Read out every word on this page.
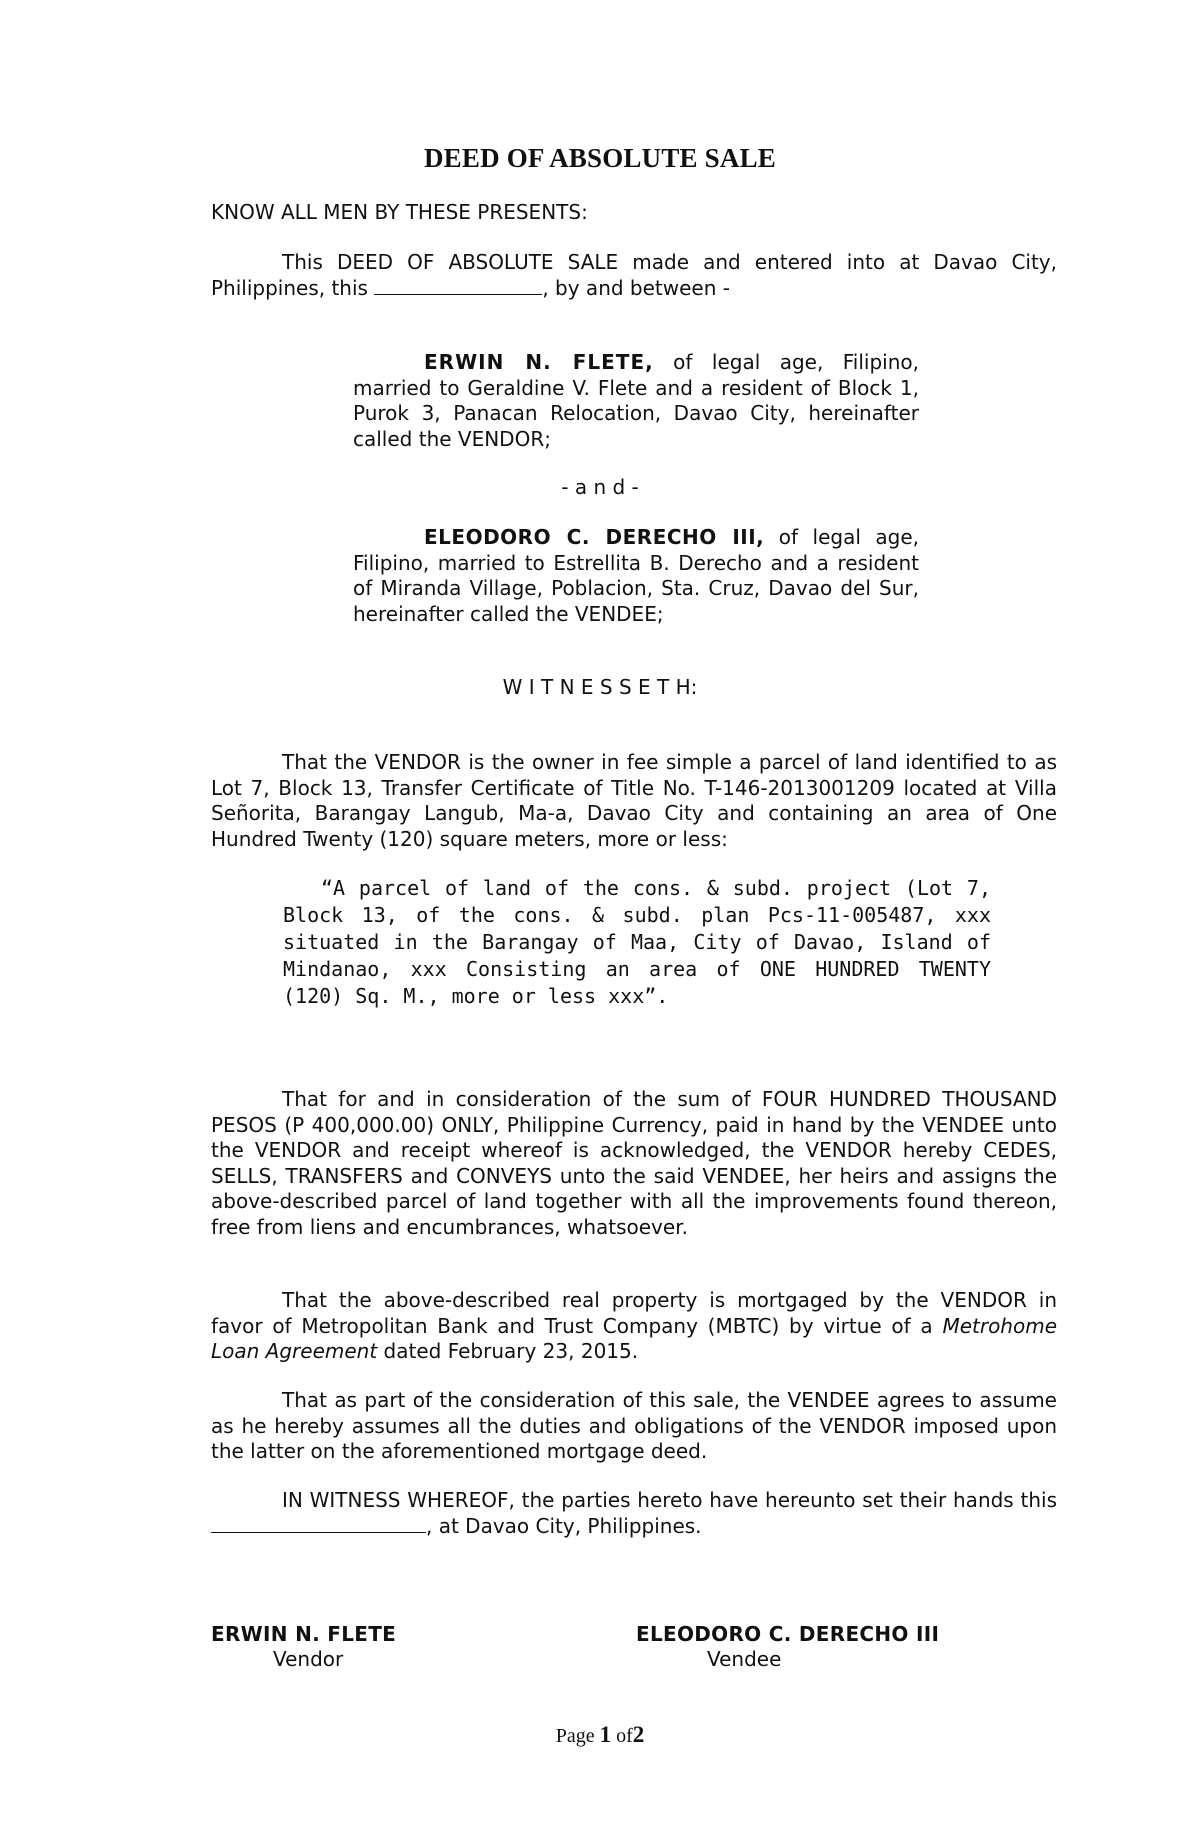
DEED OF ABSOLUTE SALE
KNOW ALL MEN BY THESE PRESENTS:
This DEED OF ABSOLUTE SALE made and entered into at Davao City, Philippines, this	, by and between -
ERWIN N. FLETE, of legal age, Filipino, married to Geraldine V. Flete and a resident of Block 1, Purok 3, Panacan Relocation, Davao City, hereinafter called the VENDOR;
- a n d -
ELEODORO C. DERECHO III, of legal age, Filipino, married to Estrellita B. Derecho and a resident of Miranda Village, Poblacion, Sta. Cruz, Davao del Sur, hereinafter called the VENDEE;
W I T N E S S E T H:
That the VENDOR is the owner in fee simple a parcel of land identified to as Lot 7, Block 13, Transfer Certificate of Title No. T-146-2013001209 located at Villa Señorita, Barangay Langub, Ma-a, Davao City and containing an area of One Hundred Twenty (120) square meters, more or less:
“A parcel of land of the cons. & subd. project (Lot 7, Block 13, of the cons. & subd. plan Pcs-11-005487, xxx situated in the Barangay of Maa, City of Davao, Island of Mindanao, xxx Consisting an area of ONE HUNDRED TWENTY (120) Sq. M., more or less xxx”.
That for and in consideration of the sum of FOUR HUNDRED THOUSAND PESOS (P 400,000.00) ONLY, Philippine Currency, paid in hand by the VENDEE unto the VENDOR and receipt whereof is acknowledged, the VENDOR hereby CEDES, SELLS, TRANSFERS and CONVEYS unto the said VENDEE, her heirs and assigns the above-described parcel of land together with all the improvements found thereon, free from liens and encumbrances, whatsoever.
That the above-described real property is mortgaged by the VENDOR in favor of Metropolitan Bank and Trust Company (MBTC) by virtue of a Metrohome Loan Agreement dated February 23, 2015.
That as part of the consideration of this sale, the VENDEE agrees to assume as he hereby assumes all the duties and obligations of the VENDOR imposed upon the latter on the aforementioned mortgage deed.
IN WITNESS WHEREOF, the parties hereto have hereunto set their hands this , at Davao City, Philippines.
ERWIN N. FLETE
Vendor
ELEODORO C. DERECHO III
Vendee
Page 1 of2
